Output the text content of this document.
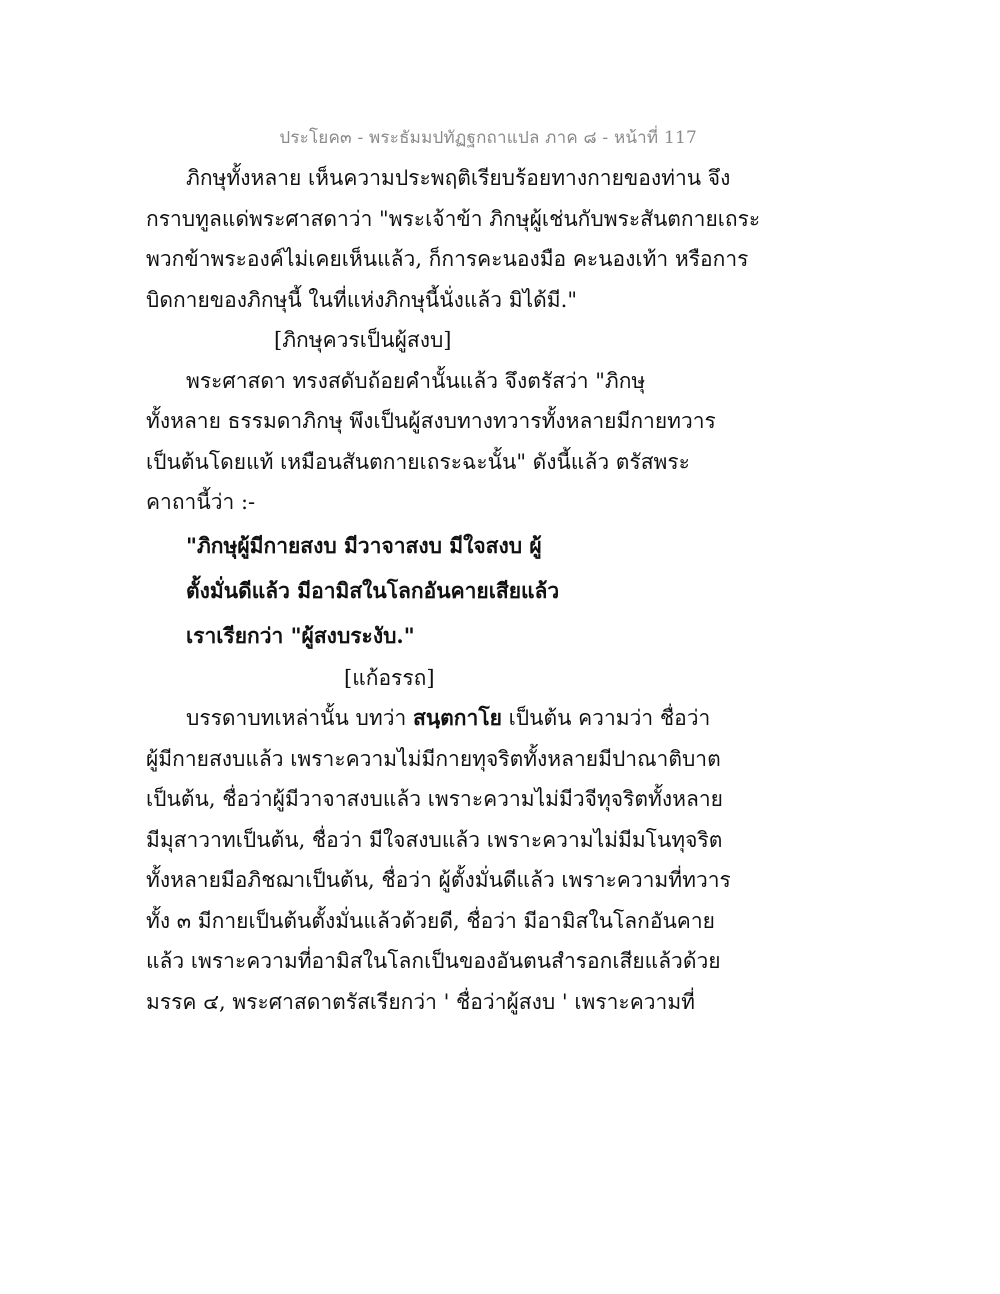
ประโยค๓ - พระธัมมปทัฏฐกถาแปล ภาค ๘ - หน้าที่ 117
ภิกษุทั้งหลาย เห็นความประพฤติเรียบร้อยทางกายของท่าน จึง
กราบทูลแด่พระศาสดาว่า "พระเจ้าข้า ภิกษุผู้เช่นกับพระสันตกายเถระ
พวกข้าพระองค์ไม่เคยเห็นแล้ว, ก็การคะนองมือ คะนองเท้า หรือการ
บิดกายของภิกษุนี้ ในที่แห่งภิกษุนี้นั่งแล้ว มิได้มี."
[ภิกษุควรเป็นผู้สงบ]
พระศาสดา ทรงสดับถ้อยคำนั้นแล้ว จึงตรัสว่า "ภิกษุ
ทั้งหลาย ธรรมดาภิกษุ พึงเป็นผู้สงบทางทวารทั้งหลายมีกายทวาร
เป็นต้นโดยแท้ เหมือนสันตกายเถระฉะนั้น" ดังนี้แล้ว ตรัสพระ
คาถานี้ว่า :-
"ภิกษุผู้มีกายสงบ มีวาจาสงบ มีใจสงบ ผู้
ตั้งมั่นดีแล้ว มีอามิสในโลกอันคายเสียแล้ว
เราเรียกว่า "ผู้สงบระงับ."
[แก้อรรถ]
บรรดาบทเหล่านั้น บทว่า สนฺตกาโย เป็นต้น ความว่า ชื่อว่า
ผู้มีกายสงบแล้ว เพราะความไม่มีกายทุจริตทั้งหลายมีปาณาติบาต
เป็นต้น, ชื่อว่าผู้มีวาจาสงบแล้ว เพราะความไม่มีวจีทุจริตทั้งหลาย
มีมุสาวาทเป็นต้น, ชื่อว่า มีใจสงบแล้ว เพราะความไม่มีมโนทุจริต
ทั้งหลายมีอภิชฌาเป็นต้น, ชื่อว่า ผู้ตั้งมั่นดีแล้ว เพราะความที่ทวาร
ทั้ง ๓ มีกายเป็นต้นตั้งมั่นแล้วด้วยดี, ชื่อว่า มีอามิสในโลกอันคาย
แล้ว เพราะความที่อามิสในโลกเป็นของอันตนสำรอกเสียแล้วด้วย
มรรค ๔, พระศาสดาตรัสเรียกว่า ' ชื่อว่าผู้สงบ ' เพราะความที่
